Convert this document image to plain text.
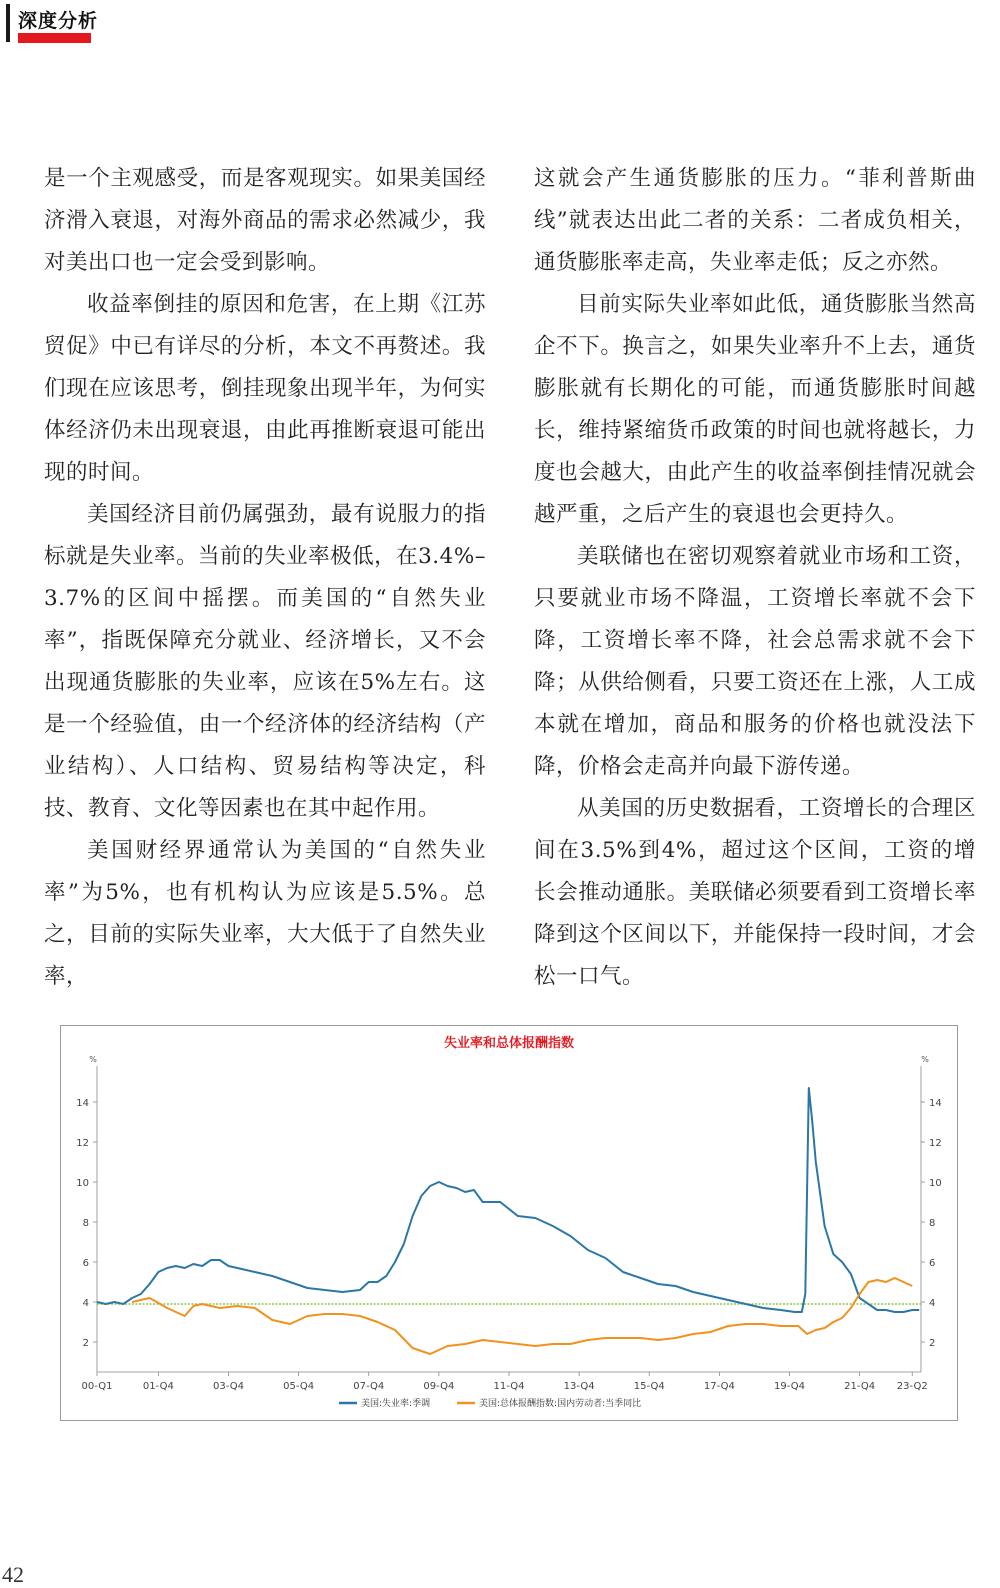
深度分析

是一个主观感受，而是客观现实。如果美国经济滑入衰退，对海外商品的需求必然减少，我对美出口也一定会受到影响。

收益率倒挂的原因和危害，在上期《江苏贸促》中已有详尽的分析，本文不再赘述。我们现在应该思考，倒挂现象出现半年，为何实体经济仍未出现衰退，由此再推断衰退可能出现的时间。

美国经济目前仍属强劲，最有说服力的指标就是失业率。当前的失业率极低，在3.4%–3.7%的区间中摇摆。而美国的“自然失业率”，指既保障充分就业、经济增长，又不会出现通货膨胀的失业率，应该在5%左右。这是一个经验值，由一个经济体的经济结构（产业结构）、人口结构、贸易结构等决定，科技、教育、文化等因素也在其中起作用。

美国财经界通常认为美国的“自然失业率”为5%，也有机构认为应该是5.5%。总之，目前的实际失业率，大大低于了自然失业率，

这就会产生通货膨胀的压力。“菲利普斯曲线”就表达出此二者的关系：二者成负相关，通货膨胀率走高，失业率走低；反之亦然。

目前实际失业率如此低，通货膨胀当然高企不下。换言之，如果失业率升不上去，通货膨胀就有长期化的可能，而通货膨胀时间越长，维持紧缩货币政策的时间也就将越长，力度也会越大，由此产生的收益率倒挂情况就会越严重，之后产生的衰退也会更持久。

美联储也在密切观察着就业市场和工资，只要就业市场不降温，工资增长率就不会下降，工资增长率不降，社会总需求就不会下降；从供给侧看，只要工资还在上涨，人工成本就在增加，商品和服务的价格也就没法下降，价格会走高并向最下游传递。

从美国的历史数据看，工资增长的合理区间在3.5%到4%，超过这个区间，工资的增长会推动通胀。美联储必须要看到工资增长率降到这个区间以下，并能保持一段时间，才会松一口气。

失业率和总体报酬指数
%	%
2	2
4	4
6	6
8	8
10	10
12	12
14	14
00-Q1	01-Q4	03-Q4	05-Q4	07-Q4	09-Q4	11-Q4	13-Q4	15-Q4	17-Q4	19-Q4	21-Q4 23-Q2
美国:失业率:季调	美国:总体报酬指数:国内劳动者:当季同比
42
